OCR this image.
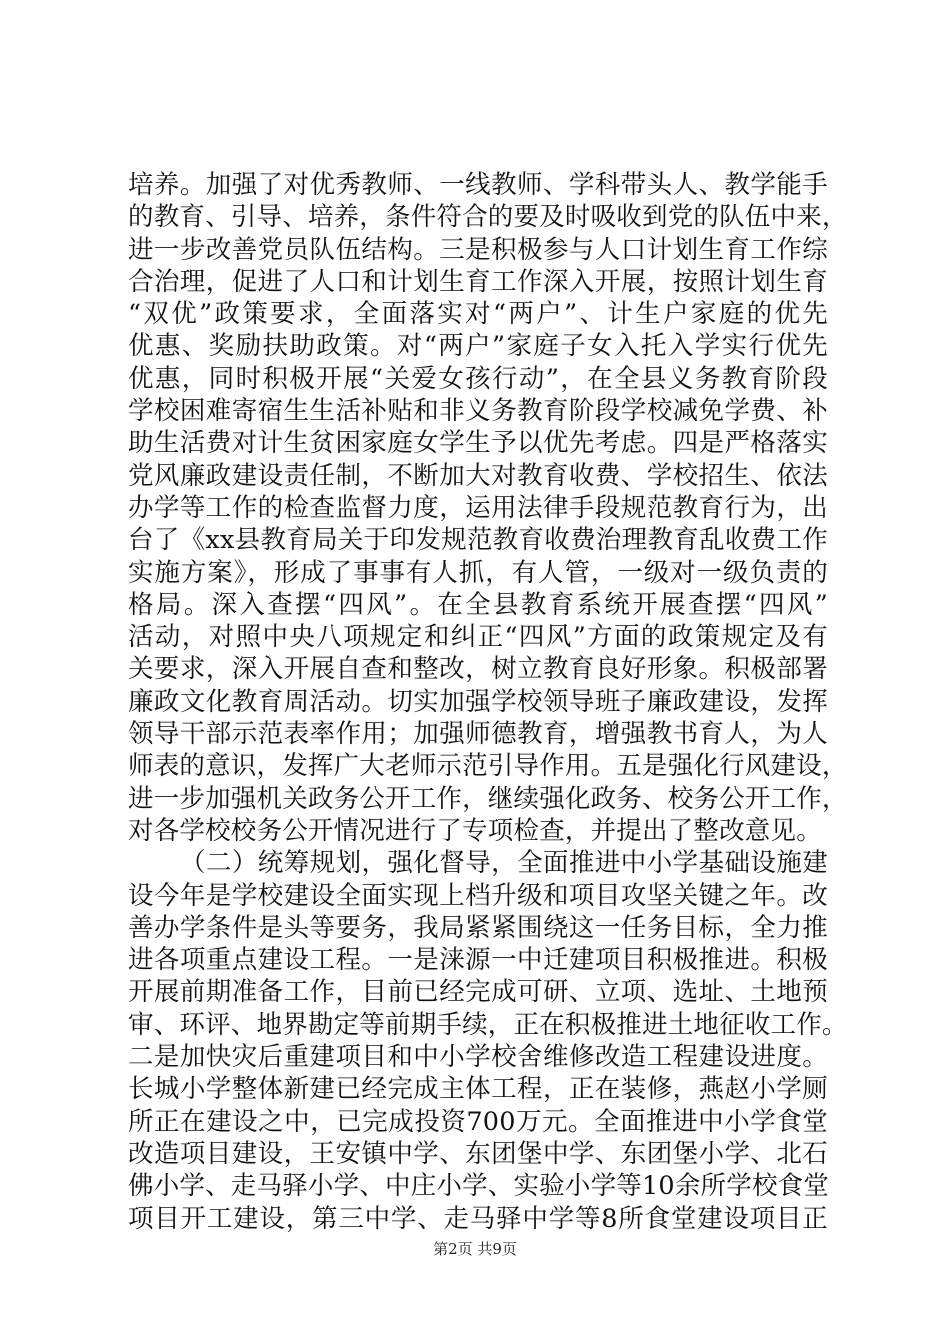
培养。加强了对优秀教师、一线教师、学科带头人、教学能手
的教育、引导、培养，条件符合的要及时吸收到党的队伍中来，
进一步改善党员队伍结构。三是积极参与人口计划生育工作综
合治理，促进了人口和计划生育工作深入开展，按照计划生育
“双优”政策要求，全面落实对“两户”、计生户家庭的优先
优惠、奖励扶助政策。对“两户”家庭子女入托入学实行优先
优惠，同时积极开展“关爱女孩行动”，在全县义务教育阶段
学校困难寄宿生生活补贴和非义务教育阶段学校减免学费、补
助生活费对计生贫困家庭女学生予以优先考虑。四是严格落实
党风廉政建设责任制，不断加大对教育收费、学校招生、依法
办学等工作的检查监督力度，运用法律手段规范教育行为，出
台了《xx县教育局关于印发规范教育收费治理教育乱收费工作
实施方案》，形成了事事有人抓，有人管，一级对一级负责的
格局。深入查摆“四风”。在全县教育系统开展查摆“四风”
活动，对照中央八项规定和纠正“四风”方面的政策规定及有
关要求，深入开展自查和整改，树立教育良好形象。积极部署
廉政文化教育周活动。切实加强学校领导班子廉政建设，发挥
领导干部示范表率作用；加强师德教育，增强教书育人，为人
师表的意识，发挥广大老师示范引导作用。五是强化行风建设，
进一步加强机关政务公开工作，继续强化政务、校务公开工作，
对各学校校务公开情况进行了专项检查，并提出了整改意见。
（二）统筹规划，强化督导，全面推进中小学基础设施建
设今年是学校建设全面实现上档升级和项目攻坚关键之年。改
善办学条件是头等要务，我局紧紧围绕这一任务目标，全力推
进各项重点建设工程。一是涞源一中迁建项目积极推进。积极
开展前期准备工作，目前已经完成可研、立项、选址、土地预
审、环评、地界勘定等前期手续，正在积极推进土地征收工作。
二是加快灾后重建项目和中小学校舍维修改造工程建设进度。
长城小学整体新建已经完成主体工程，正在装修，燕赵小学厕
所正在建设之中，已完成投资700万元。全面推进中小学食堂
改造项目建设，王安镇中学、东团堡中学、东团堡小学、北石
佛小学、走马驿小学、中庄小学、实验小学等10余所学校食堂
项目开工建设，第三中学、走马驿中学等8所食堂建设项目正
第2页 共9页
